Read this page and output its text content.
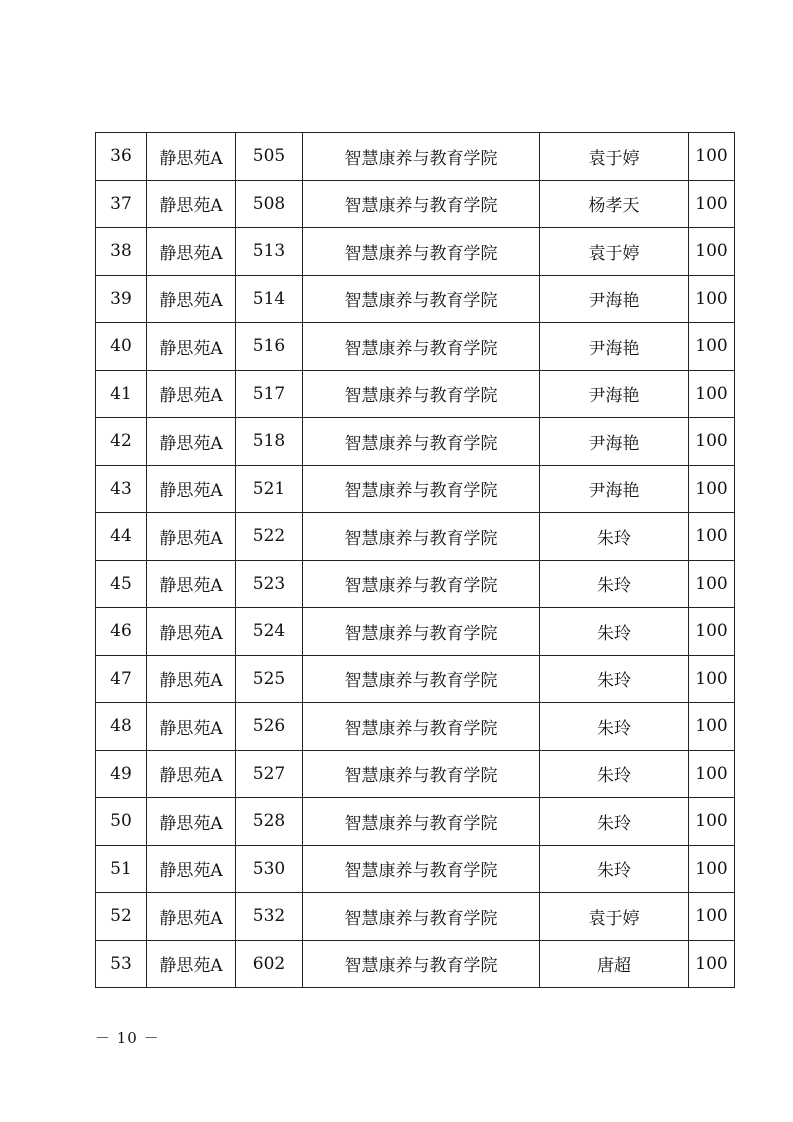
36	静思苑A	505	智慧康养与教育学院	袁于婷	100
37	静思苑A	508	智慧康养与教育学院	杨孝天	100
38	静思苑A	513	智慧康养与教育学院	袁于婷	100
39	静思苑A	514	智慧康养与教育学院	尹海艳	100
40	静思苑A	516	智慧康养与教育学院	尹海艳	100
41	静思苑A	517	智慧康养与教育学院	尹海艳	100
42	静思苑A	518	智慧康养与教育学院	尹海艳	100
43	静思苑A	521	智慧康养与教育学院	尹海艳	100
44	静思苑A	522	智慧康养与教育学院	朱玲	100
45	静思苑A	523	智慧康养与教育学院	朱玲	100
46	静思苑A	524	智慧康养与教育学院	朱玲	100
47	静思苑A	525	智慧康养与教育学院	朱玲	100
48	静思苑A	526	智慧康养与教育学院	朱玲	100
49	静思苑A	527	智慧康养与教育学院	朱玲	100
50	静思苑A	528	智慧康养与教育学院	朱玲	100
51	静思苑A	530	智慧康养与教育学院	朱玲	100
52	静思苑A	532	智慧康养与教育学院	袁于婷	100
53	静思苑A	602	智慧康养与教育学院	唐超	100
－ 10 －
